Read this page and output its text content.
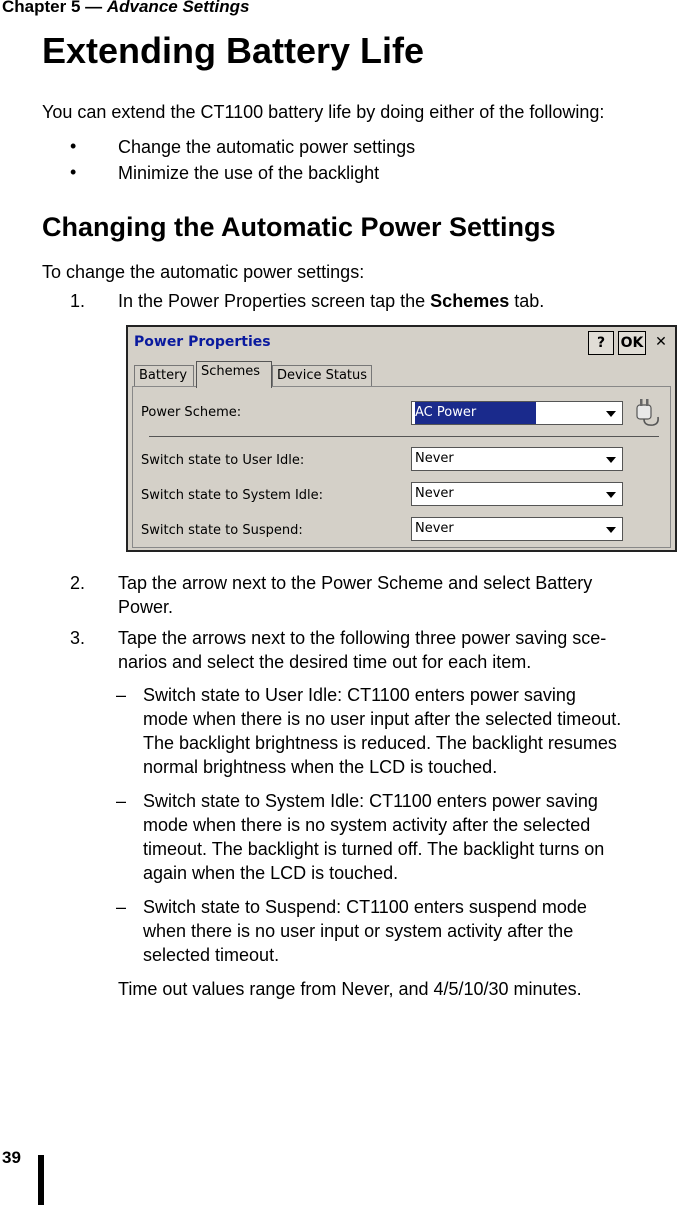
Chapter 5 — Advance Settings
Extending Battery Life
You can extend the CT1100 battery life by doing either of the following:
• Change the automatic power settings
• Minimize the use of the backlight
Changing the Automatic Power Settings
To change the automatic power settings:
1. In the Power Properties screen tap the Schemes tab.
Power Properties	?	OK ✕
Battery	Schemes	Device Status
Power Scheme:	AC Power
Switch state to User Idle:	Never
Switch state to System Idle:	Never
Switch state to Suspend:	Never
2. Tap the arrow next to the Power Scheme and select Battery
Power.
3. Tape the arrows next to the following three power saving sce-
narios and select the desired time out for each item.
– Switch state to User Idle: CT1100 enters power saving
mode when there is no user input after the selected timeout.
The backlight brightness is reduced. The backlight resumes
normal brightness when the LCD is touched.
– Switch state to System Idle: CT1100 enters power saving
mode when there is no system activity after the selected
timeout. The backlight is turned off. The backlight turns on
again when the LCD is touched.
– Switch state to Suspend: CT1100 enters suspend mode
when there is no user input or system activity after the
selected timeout.
Time out values range from Never, and 4/5/10/30 minutes.
39
